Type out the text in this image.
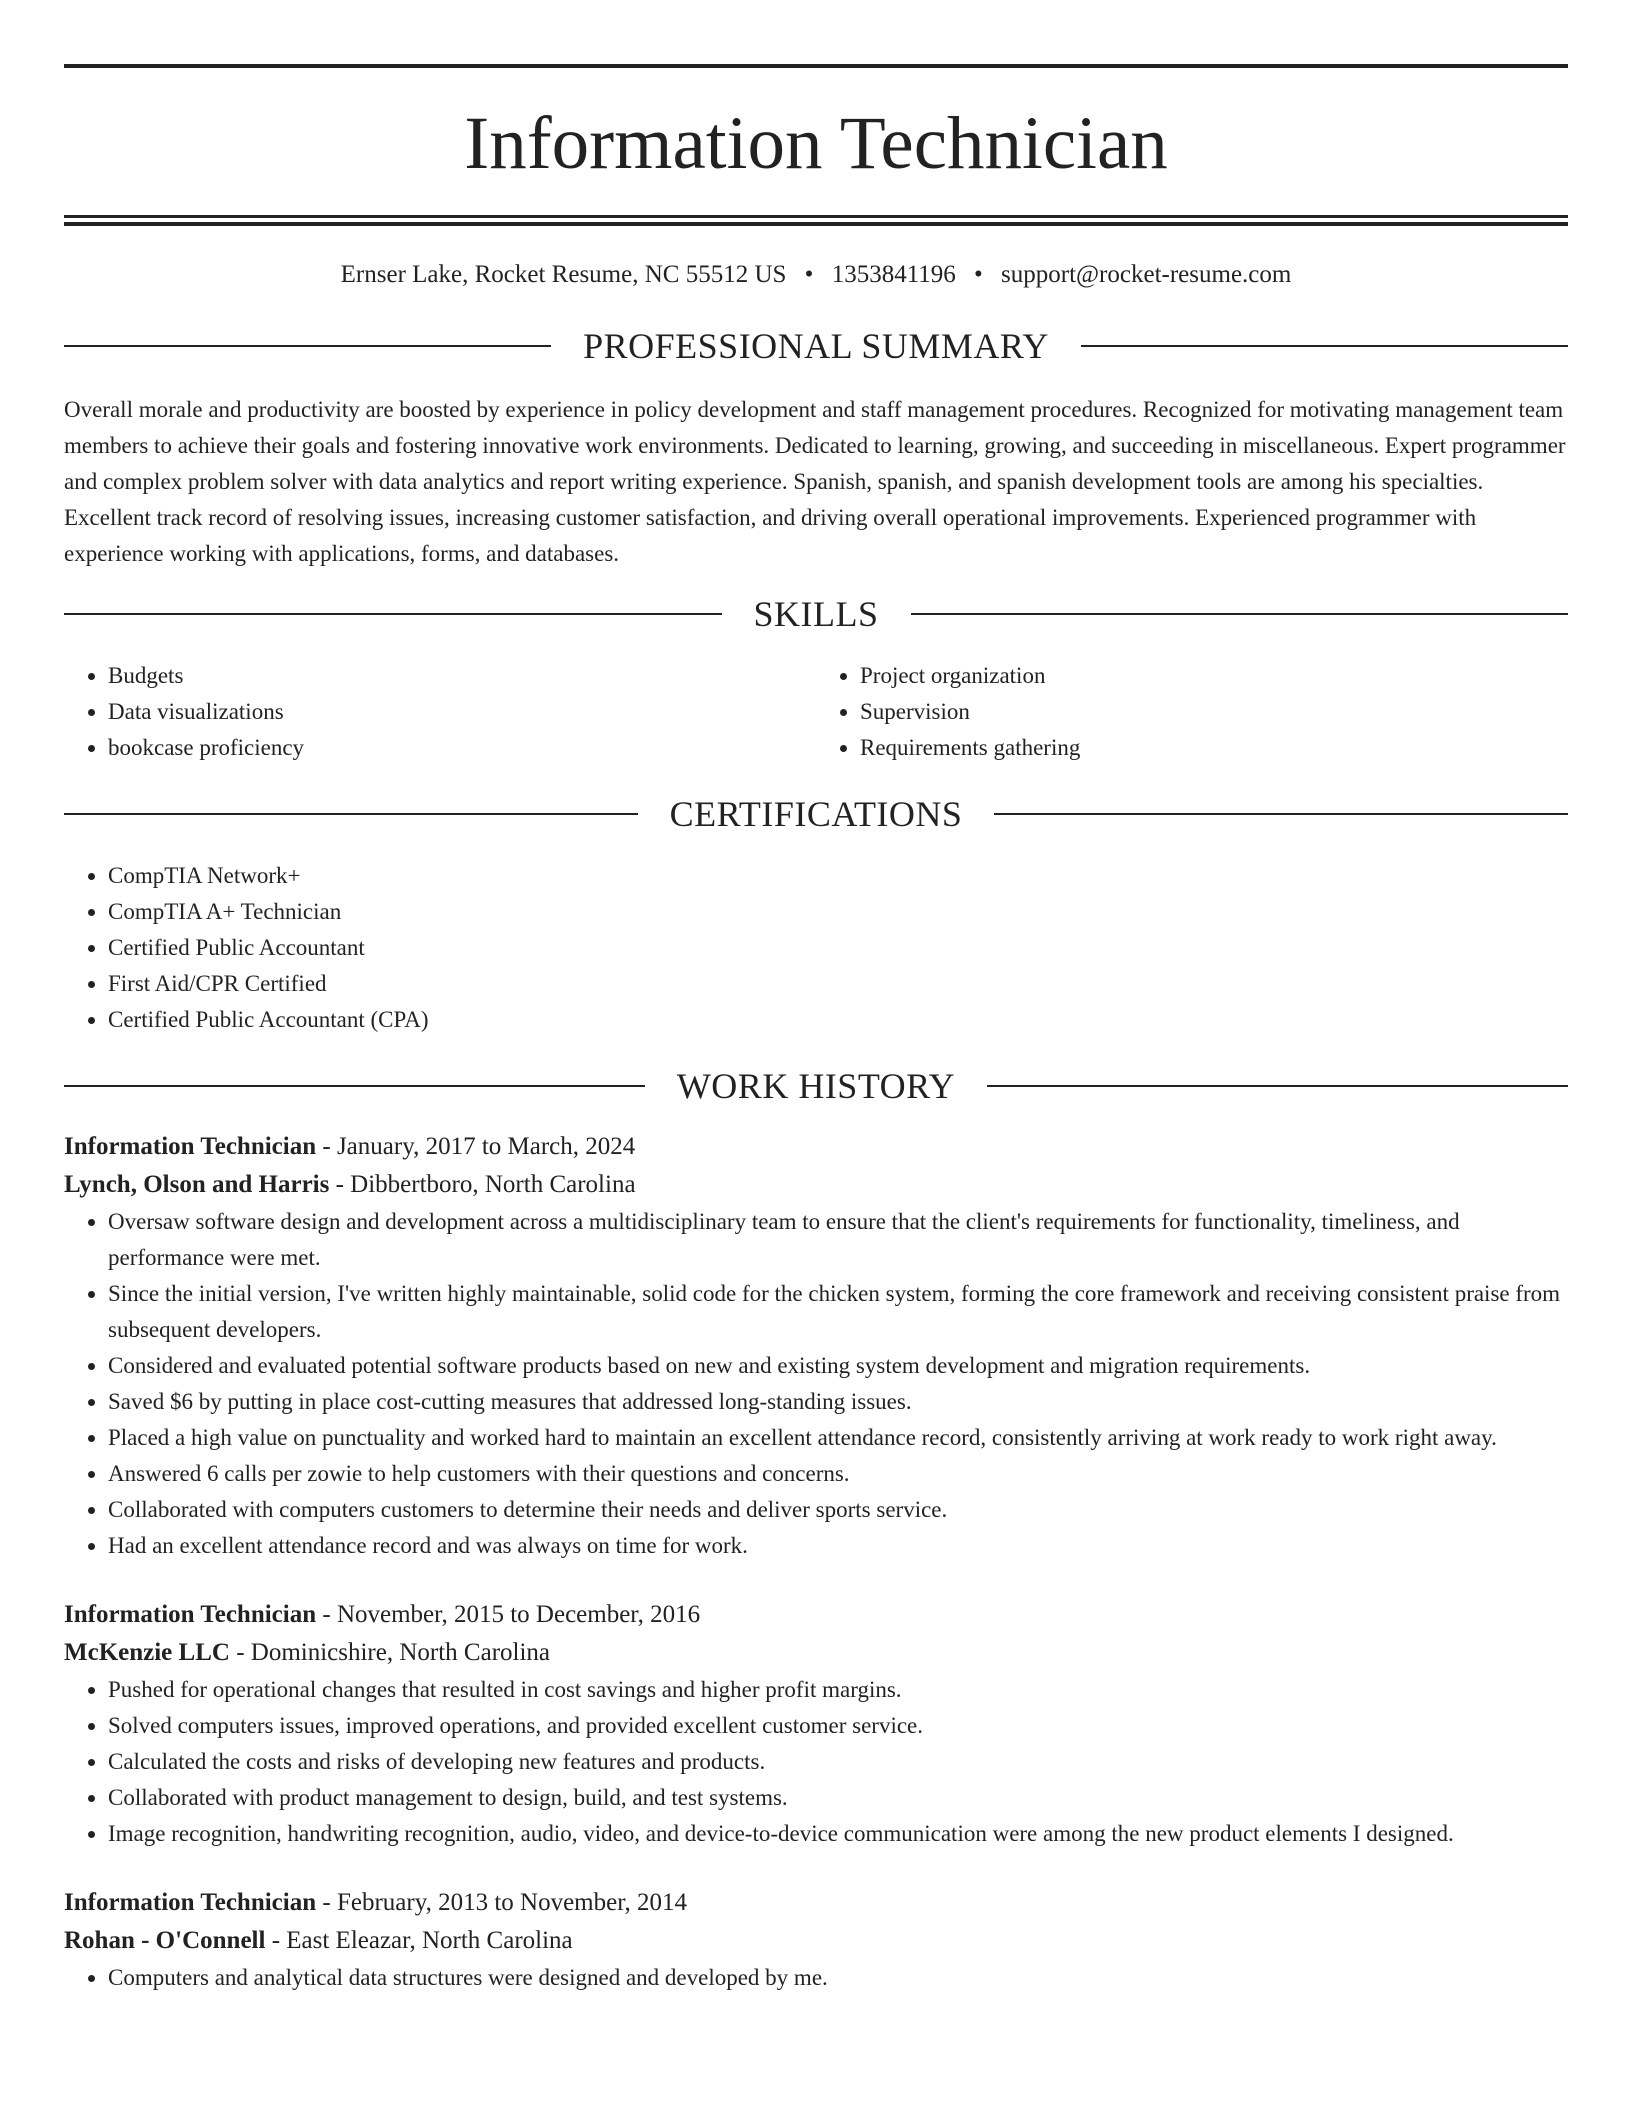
Information Technician
Ernser Lake, Rocket Resume, NC 55512 US • 1353841196 • support@rocket-resume.com
PROFESSIONAL SUMMARY

Overall morale and productivity are boosted by experience in policy development and staff management procedures. Recognized for motivating management team members to achieve their goals and fostering innovative work environments. Dedicated to learning, growing, and succeeding in miscellaneous. Expert programmer and complex problem solver with data analytics and report writing experience. Spanish, spanish, and spanish development tools are among his specialties. Excellent track record of resolving issues, increasing customer satisfaction, and driving overall operational improvements. Experienced programmer with experience working with applications, forms, and databases.

SKILLS
• Budgets
• Data visualizations
• bookcase proficiency
• Project organization
• Supervision
• Requirements gathering
CERTIFICATIONS
• CompTIA Network+
• CompTIA A+ Technician
• Certified Public Accountant
• First Aid/CPR Certified
• Certified Public Accountant (CPA)
WORK HISTORY
Information Technician - January, 2017 to March, 2024
Lynch, Olson and Harris - Dibbertboro, North Carolina
• Oversaw software design and development across a multidisciplinary team to ensure that the client's requirements for functionality, timeliness, and performance were met.
• Since the initial version, I've written highly maintainable, solid code for the chicken system, forming the core framework and receiving consistent praise from subsequent developers.
• Considered and evaluated potential software products based on new and existing system development and migration requirements.
• Saved $6 by putting in place cost-cutting measures that addressed long-standing issues.
• Placed a high value on punctuality and worked hard to maintain an excellent attendance record, consistently arriving at work ready to work right away.
• Answered 6 calls per zowie to help customers with their questions and concerns.
• Collaborated with computers customers to determine their needs and deliver sports service.
• Had an excellent attendance record and was always on time for work.
Information Technician - November, 2015 to December, 2016
McKenzie LLC - Dominicshire, North Carolina
• Pushed for operational changes that resulted in cost savings and higher profit margins.
• Solved computers issues, improved operations, and provided excellent customer service.
• Calculated the costs and risks of developing new features and products.
• Collaborated with product management to design, build, and test systems.
• Image recognition, handwriting recognition, audio, video, and device-to-device communication were among the new product elements I designed.
Information Technician - February, 2013 to November, 2014
Rohan - O'Connell - East Eleazar, North Carolina
• Computers and analytical data structures were designed and developed by me.
